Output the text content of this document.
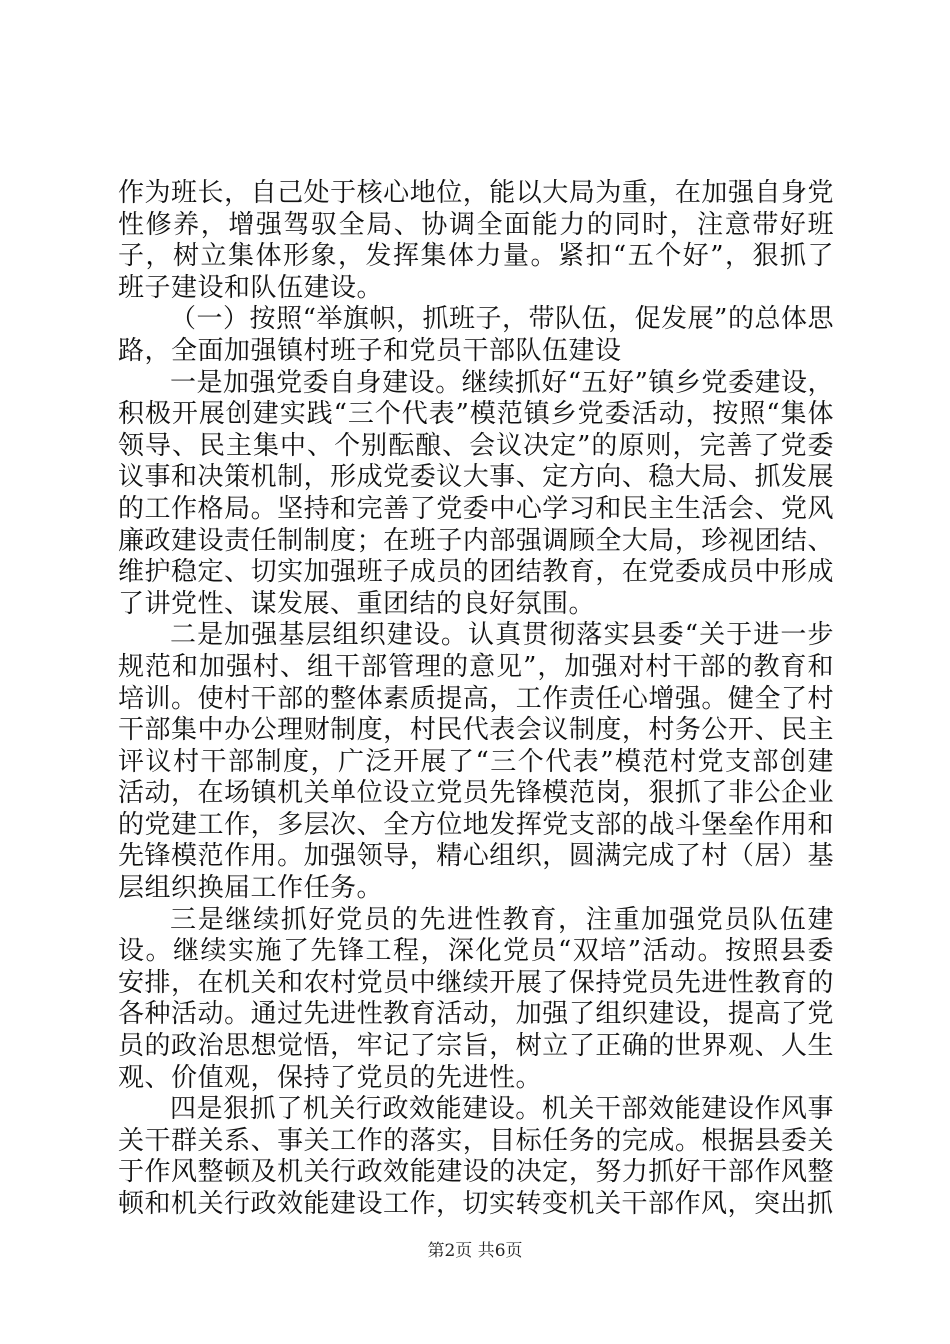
作为班长，自己处于核心地位，能以大局为重，在加强自身党性修养，增强驾驭全局、协调全面能力的同时，注意带好班子，树立集体形象，发挥集体力量。紧扣“五个好”，狠抓了班子建设和队伍建设。

（一）按照“举旗帜，抓班子，带队伍，促发展”的总体思路，全面加强镇村班子和党员干部队伍建设

一是加强党委自身建设。继续抓好“五好”镇乡党委建设，积极开展创建实践“三个代表”模范镇乡党委活动，按照“集体领导、民主集中、个别酝酿、会议决定”的原则，完善了党委议事和决策机制，形成党委议大事、定方向、稳大局、抓发展的工作格局。坚持和完善了党委中心学习和民主生活会、党风廉政建设责任制制度；在班子内部强调顾全大局，珍视团结、维护稳定、切实加强班子成员的团结教育，在党委成员中形成了讲党性、谋发展、重团结的良好氛围。

二是加强基层组织建设。认真贯彻落实县委“关于进一步规范和加强村、组干部管理的意见”，加强对村干部的教育和培训。使村干部的整体素质提高，工作责任心增强。健全了村干部集中办公理财制度，村民代表会议制度，村务公开、民主评议村干部制度，广泛开展了“三个代表”模范村党支部创建活动，在场镇机关单位设立党员先锋模范岗，狠抓了非公企业的党建工作，多层次、全方位地发挥党支部的战斗堡垒作用和先锋模范作用。加强领导，精心组织，圆满完成了村（居）基层组织换届工作任务。

三是继续抓好党员的先进性教育，注重加强党员队伍建设。继续实施了先锋工程，深化党员“双培”活动。按照县委安排，在机关和农村党员中继续开展了保持党员先进性教育的各种活动。通过先进性教育活动，加强了组织建设，提高了党员的政治思想觉悟，牢记了宗旨，树立了正确的世界观、人生观、价值观，保持了党员的先进性。

四是狠抓了机关行政效能建设。机关干部效能建设作风事关干群关系、事关工作的落实，目标任务的完成。根据县委关于作风整顿及机关行政效能建设的决定，努力抓好干部作风整顿和机关行政效能建设工作，切实转变机关干部作风，突出抓

第2页 共6页
